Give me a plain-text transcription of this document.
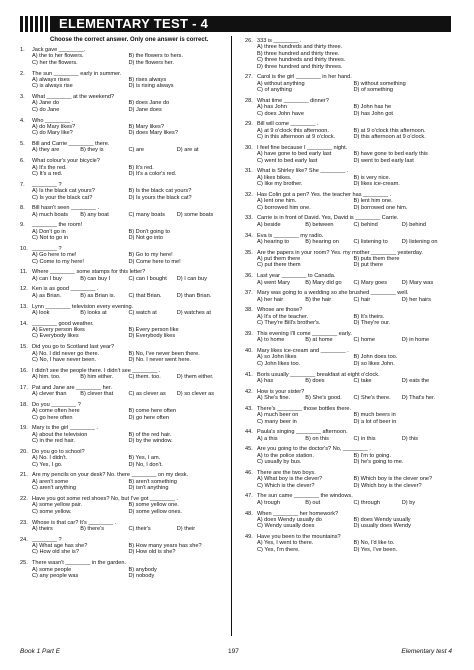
ELEMENTARY TEST - 4
Choose the correct answer. Only one answer is correct.
1.	Jack gave ________.
A) the to her flowers.	B) the flowers to hers.
C) her the flowers.	D) the flowers her.
2.	The sun ________ early in summer.
A) always rises	B) rises always
C) is always rise	D) is rising always
3.	What ________ at the weekend?
A) Jane do	B) does Jane do
C) do Jane	D) Jane does
4.	Who ________ .
A) do Mary likes?	B) Mary likes?
C) do Mary like?	D) does Mary likes?
5.	Bill and Carrie ________ there.
A) they are	B) they is	C) are	D) are at
6.	What colour's your bicycle?
A) It's the red.	B) It's red.
C) It's a red.	D) It's a color's red.
7.	________ ?
A) Is the black cat yours?	B) Is the black cat yours?
C) Is your the black cat?	D) Is yours the black cat?
8.	Bill hasn't seen ________ .
A) much boats	B) any boat	C) many boats	D) some boats
9.	________ the room!
A) Don't go in	B) Don't going to
C) Not to go in	D) Not go into
10. ________ ?
A) Go here to me!	B) Go to my here!
C) Come to my here!	D) Come here to me!
11. Where ________ some stamps for this letter?
A) can I buy	B) can buy I	C) can I bought	D) I can buy
12. Ken is as good ________ .
A) as Brian.	B) as Brian is.	C) that Brian.	D) than Brian.
13. Lynn ________ television every evening.
A) look	B) looks at	C) watch at	D) watches at
14. ________ good weather.
A) Every person likes	B) Every person like
C) Everybody likes	D) Everybody likes
15. Did you go to Scotland last year?
A) No. I did never go there.	B) No, I've never been there.
C) No, I have never been.	D) No. I never went here.
16. I didn't see the people there. I didn't see ________ .
A) him. too.	B) him either.	C) them. too.	D) them either.
17. Pat and Jane are ________ her.
A) clever than	B) clever that	C) as clever as	D) so clever as
18. Do you ________ ?
A) come often here	B) come here often
C) go here often	D) go here often
19. Mary is the girl ________ .
A) about the television	B) of the red hair.
C) in the red hair.	D) by the window.
20. Do you go to school?
A) No. I didn't.	B) Yes, I am.
C) Yes, I go.	D) No, I don't.
21. Are my pencils on your desk? No. there ________ on my desk.
A) aren't some	B) aren't something
C) aren't anything	D) isn't anything
22. Have you got some red shoes? No, but I've got ________ .
A) some yellow pair.	B) some yellow one.
C) some yellow.	D) some yellow ones.
23. Whose is that car? It's ________ .
A) theirs	B) there's	C) their's	D) their
24. ________ ?
A) What age has she?	B) How many years has she?
C) How old she is?	D) How old is she?
25. There wasn't ________ in the garden.
A) some people	B) anybody
C) any people was	D) nobody
26. 333 is ________ .
A) three hundreds and thirty three.
B) three hundred and thirty three.
C) three hundreds and thirty threes.
D) three hundred and thirty threes.
27. Carol is the girl ________ in her hand.
A) without anything	B) without something
C) of anything	D) of something
28. What time ________ dinner?
A) has John	B) John has he
C) does John have	D) has John got
29. Bill will come ________ .
A) at 9 o'clock this afternoon.	B) at 9 o'clock this afternoon.
C) in this afternoon at 9 o'clock.	D) this afternoon at 9 o'clock.
30. I feel fine because I ________ night.
A) have gone to bed early last	B) have gone to bed early this
C) went to bed early last	D) went to bed early last
31. What is Shirley like? She ________ .
A) likes bikes.	B) is very nice.
C) like my brother.	D) likes ice-cream.
32. Has Colin got a pen? Yes. the teacher has ________ .
A) lent one him.	B) lent him one.
C) borrowed him one.	D) borrowed one him.
33. Carrie is in front of David. Yes, David is ________ Carrie.
A) beside	B) between	C) behind	D) behind
34. Eva is ________ my radio.
A) hearing to	B) hearing on	C) listening to	D) listening on
35. Are the papers in your room? Yes. my mother ________ yesterday.
A) put them there	B) puts them there
C) put there them	D) put there
36. Last year ________ to Canada.
A) went Mary	B) Mary did go	C) Mary goes	D) Mary was
37. Mary was going to a wedding so she brushed ________ well.
A) her hair	B) the hair	C) hair	D) her hairs
38. Whose are those?
A) It's of the teacher.	B) It's theirs.
C) They're Bill's brother's.	D) They're our.
39. This evening I'll come ________ early.
A) to home	B) at home	C) home	D) in home
40. Mary likes ice-cream and ________ .
A) so John likes	B) John does too.
C) John likes too.	D) so likes John.
41. Boris usually ________ breakfast at eight o'clock.
A) has	B) does	C) take	D) eats the
42. How is your sister?
A) She's fine.	B) She's good.	C) She's there.	D) That's her.
43. There's ________ those bottles there.
A) much beer on	B) much beers in
C) many beer in	D) a lot of beer in
44. Paula's singing ________ afternoon.
A) a this	B) on this	C) in this	D) this
45. Are you going to the doctor's? No, ________ .
A) to the police station.	B) I'm to going.
C) usually by bus.	D) he's going to me.
46. There are the two boys.
A) What boy is the clever?	B) Which boy is the clever one?
C) Which is the clever?	D) Which boy is the clever?
47. The sun came ________ the windows.
A) trough	B) out	C) through	D) by
48. When ________ her homework?
A) does Wendy usually do	B) does Wendy usually
C) Wendy usually does	D) usually does Wendy
49. Have you been to the mountains?
A) Yes, I went to there.	B) No, I'd like to.
C) Yes, I'm there.	D) Yes, I've been.
Book 1 Part E	197	Elementary test 4
